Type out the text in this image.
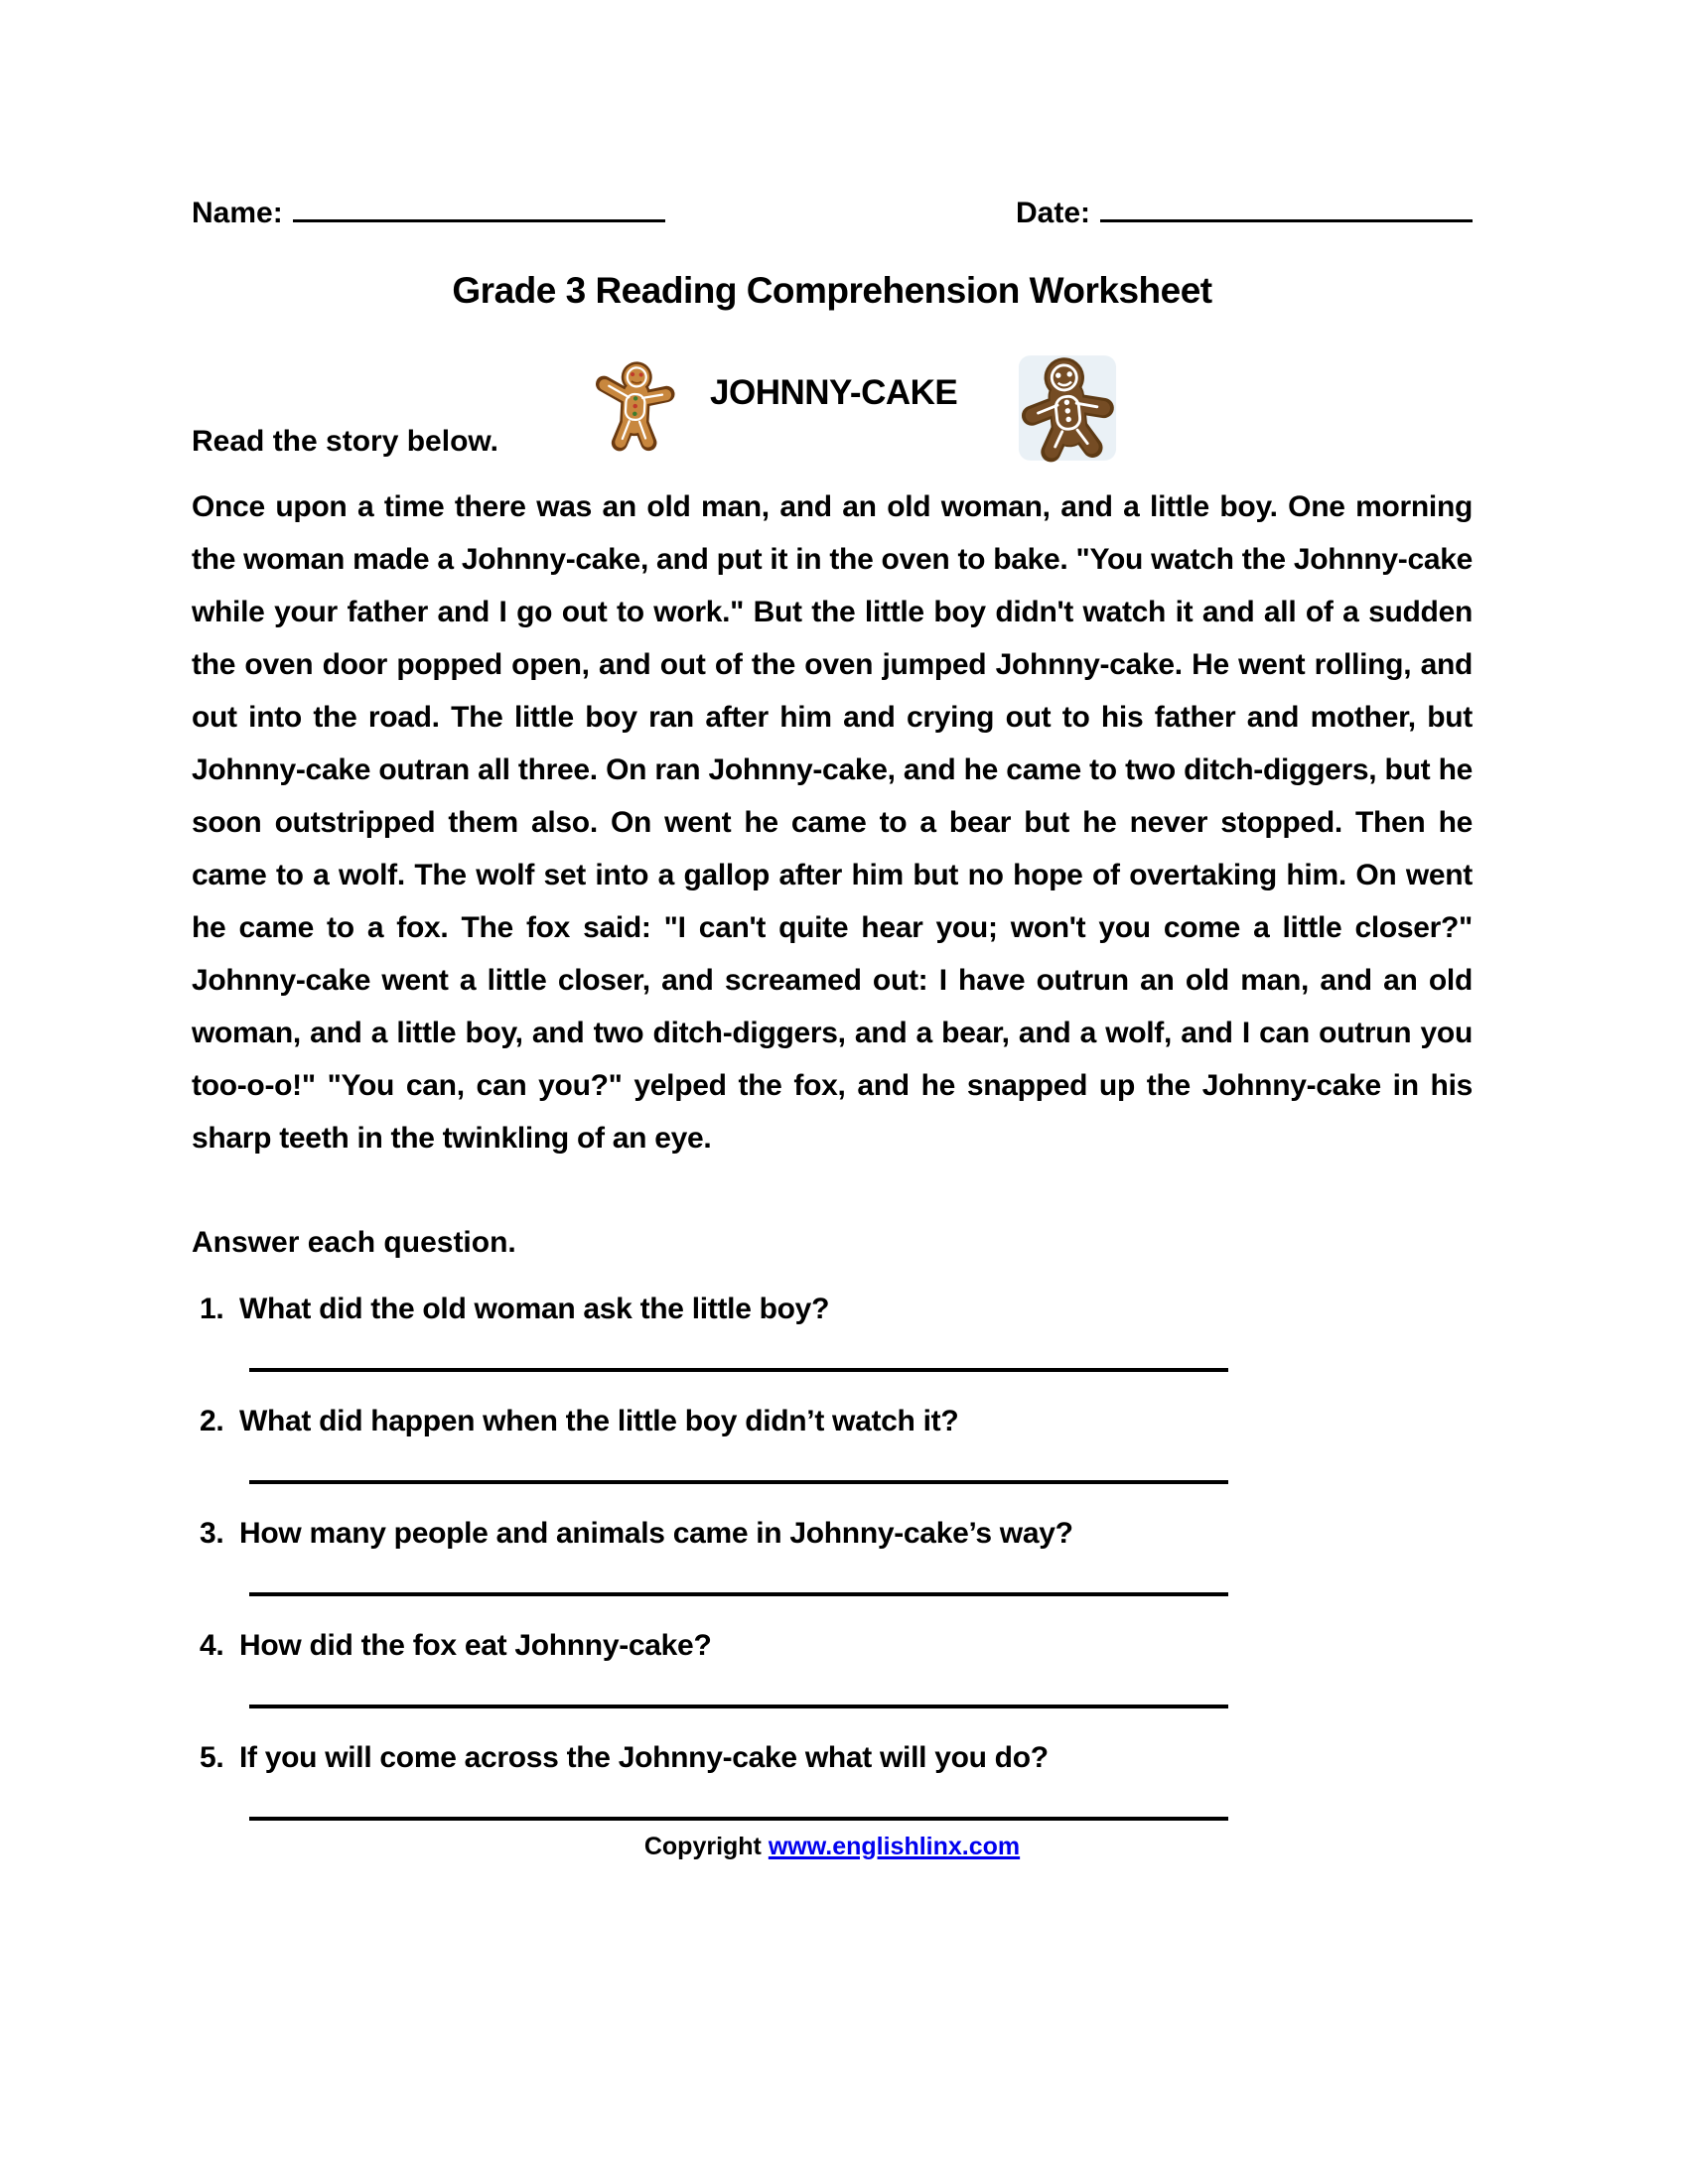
Name:	Date:
Grade 3 Reading Comprehension Worksheet
JOHNNY-CAKE
Read the story below.

Once upon a time there was an old man, and an old woman, and a little boy. One morning the woman made a Johnny-cake, and put it in the oven to bake. "You watch the Johnny-cake while your father and I go out to work." But the little boy didn't watch it and all of a sudden the oven door popped open, and out of the oven jumped Johnny-cake. He went rolling, and out into the road. The little boy ran after him and crying out to his father and mother, but Johnny-cake outran all three. On ran Johnny-cake, and he came to two ditch-diggers, but he soon outstripped them also. On went he came to a bear but he never stopped. Then he came to a wolf. The wolf set into a gallop after him but no hope of overtaking him. On went he came to a fox. The fox said: "I can't quite hear you; won't you come a little closer?" Johnny-cake went a little closer, and screamed out: I have outrun an old man, and an old woman, and a little boy, and two ditch-diggers, and a bear, and a wolf, and I can outrun you too-o-o!" "You can, can you?" yelped the fox, and he snapped up the Johnny-cake in his sharp teeth in the twinkling of an eye.

Answer each question.
1. What did the old woman ask the little boy?
2. What did happen when the little boy didn’t watch it?
3. How many people and animals came in Johnny-cake’s way?
4. How did the fox eat Johnny-cake?
5. If you will come across the Johnny-cake what will you do?
Copyright www.englishlinx.com
